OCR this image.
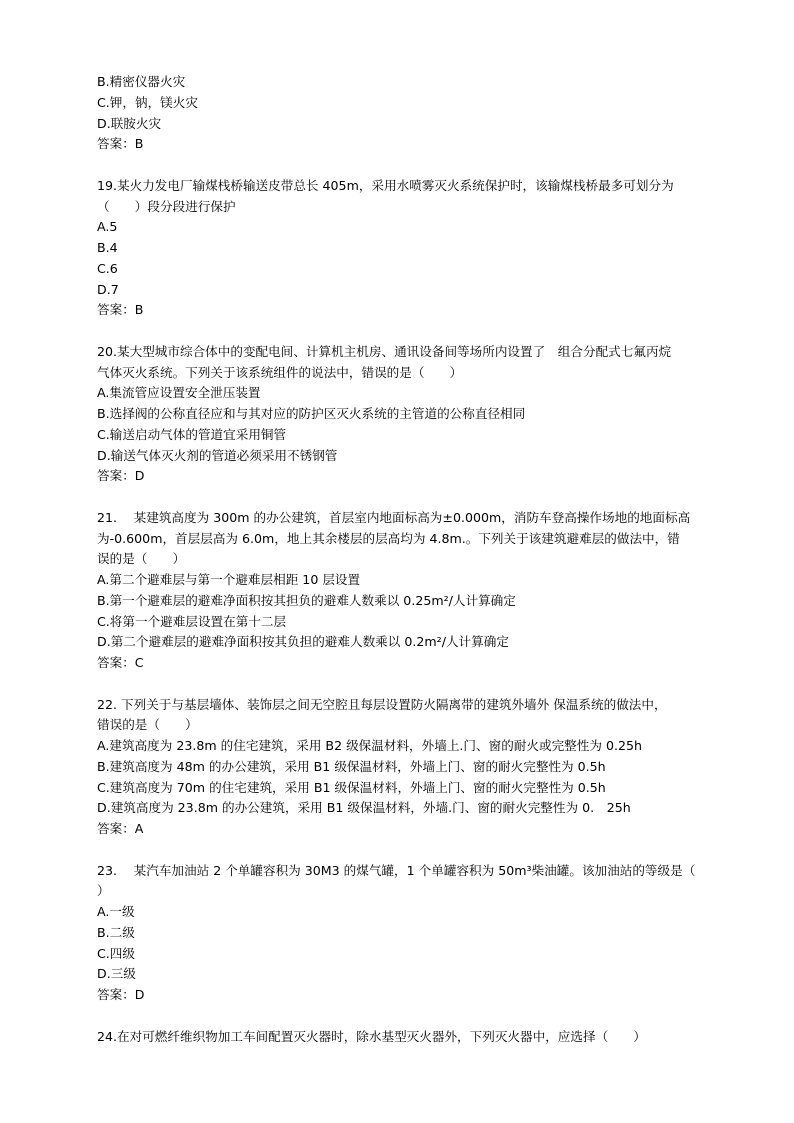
B.精密仪器火灾
C.钾，钠，镁火灾
D.联胺火灾
答案：B
19.某火力发电厂输煤栈桥输送皮带总长 405m，采用水喷雾灭火系统保护时，该输煤栈桥最多可划分为
（　　）段分段进行保护
A.5
B.4
C.6
D.7
答案：B
20.某大型城市综合体中的变配电间、计算机主机房、通讯设备间等场所内设置了　组合分配式七氟丙烷
气体灭火系统。下列关于该系统组件的说法中，错误的是（　　）
A.集流管应设置安全泄压装置
B.选择阀的公称直径应和与其对应的防护区灭火系统的主管道的公称直径相同
C.输送启动气体的管道宜采用铜管
D.输送气体灭火剂的管道必须采用不锈钢管
答案：D
21.　 某建筑高度为 300m 的办公建筑，首层室内地面标高为±0.000m，消防车登高操作场地的地面标高
为-0.600m，首层层高为 6.0m，地上其余楼层的层高均为 4.8m.。下列关于该建筑避难层的做法中，错
误的是（　　）
A.第二个避难层与第一个避难层相距 10 层设置
B.第一个避难层的避难净面积按其担负的避难人数乘以 0.25m²/人计算确定
C.将第一个避难层设置在第十二层
D.第二个避难层的避难净面积按其负担的避难人数乘以 0.2m²/人计算确定
答案：C
22. 下列关于与基层墙体、装饰层之间无空腔且每层设置防火隔离带的建筑外墙外 保温系统的做法中，
错误的是（　　）
A.建筑高度为 23.8m 的住宅建筑，采用 B2 级保温材料，外墙上.门、窗的耐火或完整性为 0.25h
B.建筑高度为 48m 的办公建筑，采用 B1 级保温材料，外墙上门、窗的耐火完整性为 0.5h
C.建筑高度为 70m 的住宅建筑，采用 B1 级保温材料，外墙上门、窗的耐火完整性为 0.5h
D.建筑高度为 23.8m 的办公建筑，采用 B1 级保温材料，外墙.门、窗的耐火完整性为 0.　25h
答案：A
23.　 某汽车加油站 2 个单罐容积为 30M3 的煤气罐，1 个单罐容积为 50m³柴油罐。该加油站的等级是（
）
A.一级
B.二级
C.四级
D.三级
答案：D
24.在对可燃纤维织物加工车间配置灭火器时，除水基型灭火器外，下列灭火器中，应选择（　　）
